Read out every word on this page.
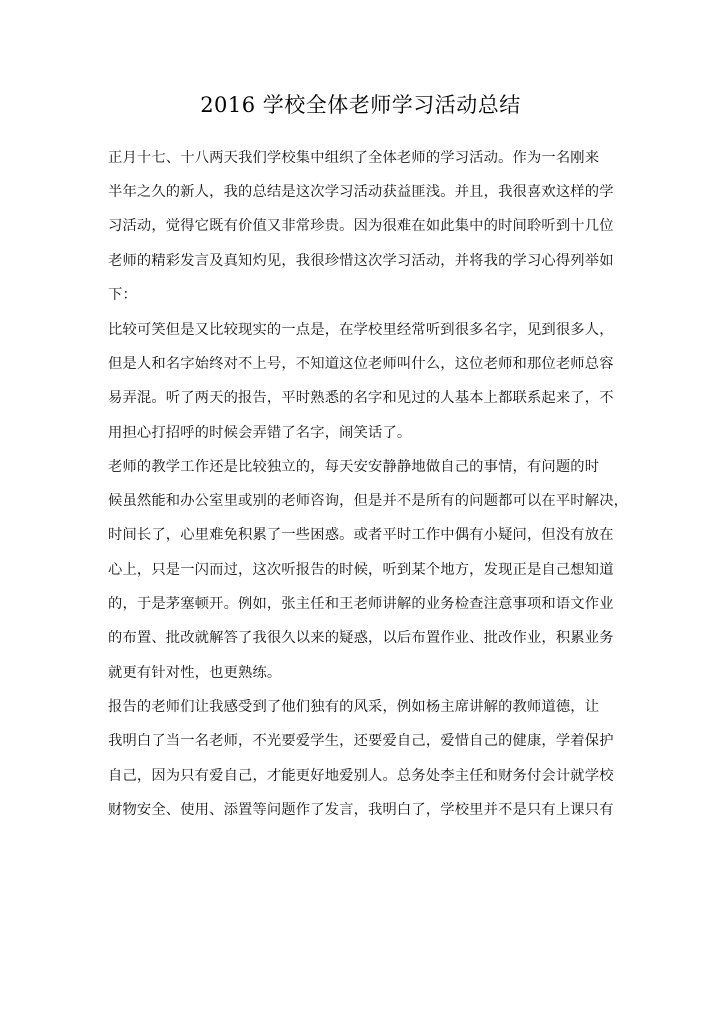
2016 学校全体老师学习活动总结
正月十七、十八两天我们学校集中组织了全体老师的学习活动。作为一名刚来
半年之久的新人，我的总结是这次学习活动获益匪浅。并且，我很喜欢这样的学
习活动，觉得它既有价值又非常珍贵。因为很难在如此集中的时间聆听到十几位
老师的精彩发言及真知灼见，我很珍惜这次学习活动，并将我的学习心得列举如
下：
比较可笑但是又比较现实的一点是，在学校里经常听到很多名字，见到很多人，
但是人和名字始终对不上号，不知道这位老师叫什么，这位老师和那位老师总容
易弄混。听了两天的报告，平时熟悉的名字和见过的人基本上都联系起来了，不
用担心打招呼的时候会弄错了名字，闹笑话了。
老师的教学工作还是比较独立的，每天安安静静地做自己的事情，有问题的时
候虽然能和办公室里或别的老师咨询，但是并不是所有的问题都可以在平时解决，
时间长了，心里难免积累了一些困惑。或者平时工作中偶有小疑问，但没有放在
心上，只是一闪而过，这次听报告的时候，听到某个地方，发现正是自己想知道
的，于是茅塞顿开。例如，张主任和王老师讲解的业务检查注意事项和语文作业
的布置、批改就解答了我很久以来的疑惑，以后布置作业、批改作业，积累业务
就更有针对性，也更熟练。
报告的老师们让我感受到了他们独有的风采，例如杨主席讲解的教师道德，让
我明白了当一名老师，不光要爱学生，还要爱自己，爱惜自己的健康，学着保护
自己，因为只有爱自己，才能更好地爱别人。总务处李主任和财务付会计就学校
财物安全、使用、添置等问题作了发言，我明白了，学校里并不是只有上课只有
